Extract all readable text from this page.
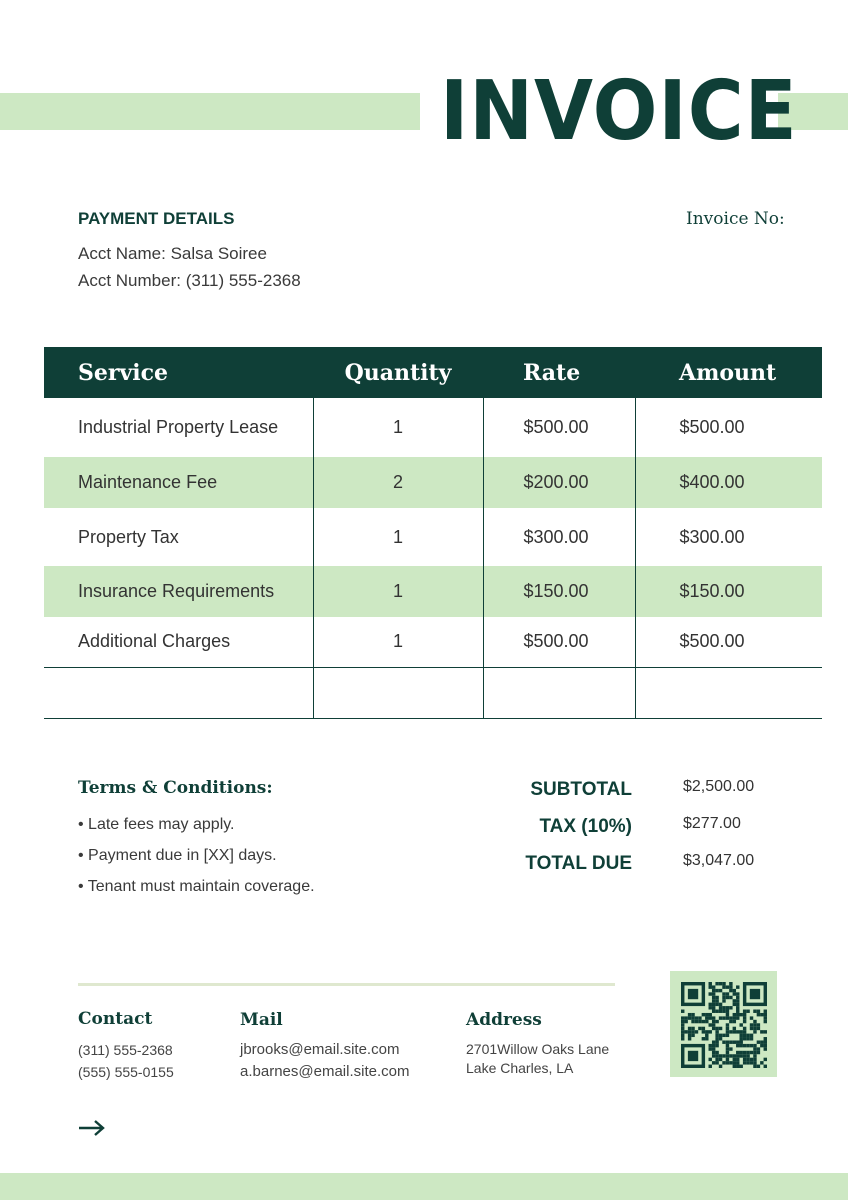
INVOICE
PAYMENT DETAILS
Acct Name: Salsa Soiree
Acct Number: (311) 555-2368
Invoice No:
Service	Quantity	Rate	Amount
Industrial Property Lease	1	$500.00	$500.00
Maintenance Fee	2	$200.00	$400.00
Property Tax	1	$300.00	$300.00
Insurance Requirements	1	$150.00	$150.00
Additional Charges	1	$500.00	$500.00

Terms & Conditions:
• Late fees may apply.
• Payment due in [XX] days.
• Tenant must maintain coverage.
SUBTOTAL	$2,500.00
TAX (10%)	$277.00
TOTAL DUE	$3,047.00
Contact
(311) 555-2368
(555) 555-0155
Mail
jbrooks@email.site.com
a.barnes@email.site.com
Address
2701Willow Oaks Lane
Lake Charles, LA
